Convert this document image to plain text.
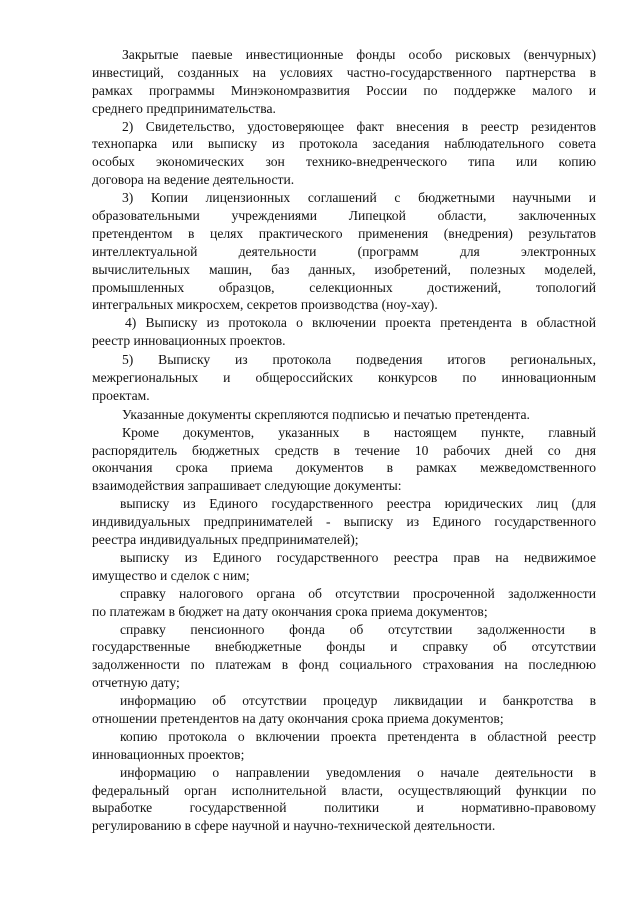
Закрытые паевые инвестиционные фонды особо рисковых (венчурных)
инвестиций, созданных на условиях частно-государственного партнерства в
рамках программы Минэкономразвития России по поддержке малого и
среднего предпринимательства.
2) Свидетельство, удостоверяющее факт внесения в реестр резидентов
технопарка или выписку из протокола заседания наблюдательного совета
особых экономических зон технико-внедренческого типа или копию
договора на ведение деятельности.
3) Копии лицензионных соглашений с бюджетными научными и
образовательными учреждениями Липецкой области, заключенных
претендентом в целях практического применения (внедрения) результатов
интеллектуальной деятельности (программ для электронных
вычислительных машин, баз данных, изобретений, полезных моделей,
промышленных образцов, селекционных достижений, топологий
интегральных микросхем, секретов производства (ноу-хау).
4) Выписку из протокола о включении проекта претендента в областной
реестр инновационных проектов.
5) Выписку из протокола подведения итогов региональных,
межрегиональных и общероссийских конкурсов по инновационным
проектам.
Указанные документы скрепляются подписью и печатью претендента.
Кроме документов, указанных в настоящем пункте, главный
распорядитель бюджетных средств в течение 10 рабочих дней со дня
окончания срока приема документов в рамках межведомственного
взаимодействия запрашивает следующие документы:
выписку из Единого государственного реестра юридических лиц (для
индивидуальных предпринимателей - выписку из Единого государственного
реестра индивидуальных предпринимателей);
выписку из Единого государственного реестра прав на недвижимое
имущество и сделок с ним;
справку налогового органа об отсутствии просроченной задолженности
по платежам в бюджет на дату окончания срока приема документов;
справку пенсионного фонда об отсутствии задолженности в
государственные внебюджетные фонды и справку об отсутствии
задолженности по платежам в фонд социального страхования на последнюю
отчетную дату;
информацию об отсутствии процедур ликвидации и банкротства в
отношении претендентов на дату окончания срока приема документов;
копию протокола о включении проекта претендента в областной реестр
инновационных проектов;
информацию о направлении уведомления о начале деятельности в
федеральный орган исполнительной власти, осуществляющий функции по
выработке государственной политики и нормативно-правовому
регулированию в сфере научной и научно-технической деятельности.
